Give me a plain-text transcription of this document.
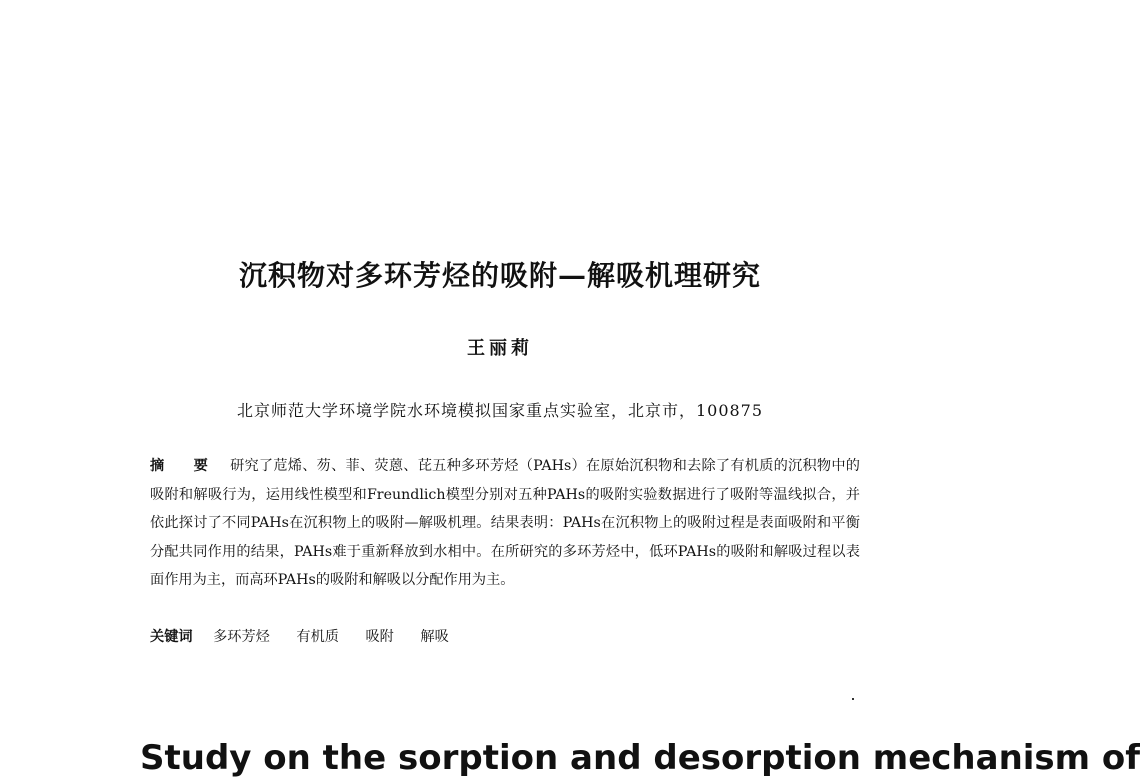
沉积物对多环芳烃的吸附—解吸机理研究
王丽莉
北京师范大学环境学院水环境模拟国家重点实验室，北京市，100875
摘 要 研究了苊烯、芴、菲、荧蒽、芘五种多环芳烃（PAHs）在原始沉积物和去除了有机质的沉积物中的吸附和解吸行为，运用线性模型和Freundlich模型分别对五种PAHs的吸附实验数据进行了吸附等温线拟合，并依此探讨了不同PAHs在沉积物上的吸附—解吸机理。结果表明：PAHs在沉积物上的吸附过程是表面吸附和平衡分配共同作用的结果，PAHs难于重新释放到水相中。在所研究的多环芳烃中，低环PAHs的吸附和解吸过程以表面作用为主，而高环PAHs的吸附和解吸以分配作用为主。
关键词 多环芳烃 有机质 吸附 解吸
Study on the sorption and desorption mechanism of
